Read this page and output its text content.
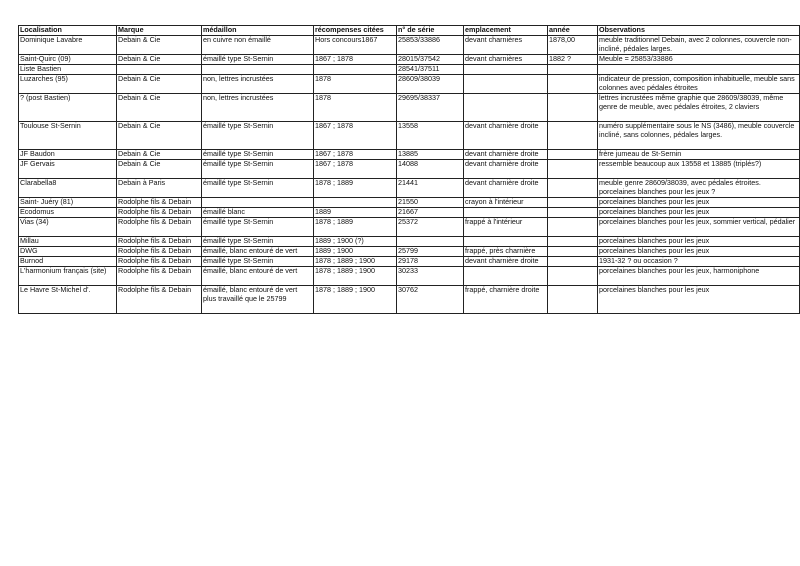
Localisation	Marque	médaillon	récompenses citées	n° de série	emplacement	année	Observations
Dominique Lavabre	Debain & Cie	en cuivre non émaillé	Hors concours1867	25853/33886	devant charnières	1878,00	meuble traditionnel Debain, avec 2 colonnes, couvercle non-incliné, pédales larges.
Saint-Quirc (09)	Debain & Cie	émaillé type St-Sernin	1867 ; 1878	28015/37542	devant charnières	1882 ?	Meuble = 25853/33886
Liste Bastien				28541/37511			
Luzarches (95)	Debain & Cie	non, lettres incrustées	1878	28609/38039			indicateur de pression, composition inhabituelle, meuble sans colonnes avec pédales étroites
? (post Bastien)	Debain & Cie	non, lettres incrustées	1878	29695/38337			lettres incrustées même graphie que 28609/38039, même genre de meuble, avec pédales étroites, 2 claviers
Toulouse St-Sernin	Debain & Cie	émaillé type St-Sernin	1867 ; 1878	13558	devant charnière droite		numéro supplémentaire sous le NS (3486), meuble couvercle incliné, sans colonnes, pédales larges.
JF Baudon	Debain & Cie	émaillé type St-Sernin	1867 ; 1878	13885	devant charnière droite		frère jumeau de St-Sernin
JF Gervais	Debain & Cie	émaillé type St-Sernin	1867 ; 1878	14088	devant charnière droite		ressemble beaucoup aux 13558 et 13885 (triplés?)
Clarabella8	Debain à Paris	émaillé type St-Sernin	1878 ; 1889	21441	devant charnière droite		meuble genre 28609/38039, avec pédales étroites. porcelaines blanches pour les jeux ?
Saint- Juéry (81)	Rodolphe fils & Debain			21550	crayon à l'intérieur		porcelaines blanches pour les jeux
Ecodomus	Rodolphe fils & Debain	émaillé blanc	1889	21667			porcelaines blanches pour les jeux
Vias (34)	Rodolphe fils & Debain	émaillé type St-Sernin	1878 ; 1889	25372	frappé à l'intérieur		porcelaines blanches pour les jeux, sommier vertical, pédalier
Millau	Rodolphe fils & Debain	émaillé type St-Sernin	1889 ; 1900 (?)				porcelaines blanches pour les jeux
DWG	Rodolphe fils & Debain	émaillé, blanc entouré de vert	1889 ; 1900	25799	frappé, près charnière		porcelaines blanches pour les jeux
Burnod	Rodolphe fils & Debain	émaillé type St-Sernin	1878 ; 1889 ; 1900	29178	devant charnière droite		1931-32 ? ou occasion ?
L'harmonium français (site)	Rodolphe fils & Debain	émaillé, blanc entouré de vert	1878 ; 1889 ; 1900	30233			porcelaines blanches pour les jeux, harmoniphone
Le Havre St-Michel d'.	Rodolphe fils & Debain	émaillé, blanc entouré de vert plus travaillé que le 25799	1878 ; 1889 ; 1900	30762	frappé, charnière droite		porcelaines blanches pour les jeux
